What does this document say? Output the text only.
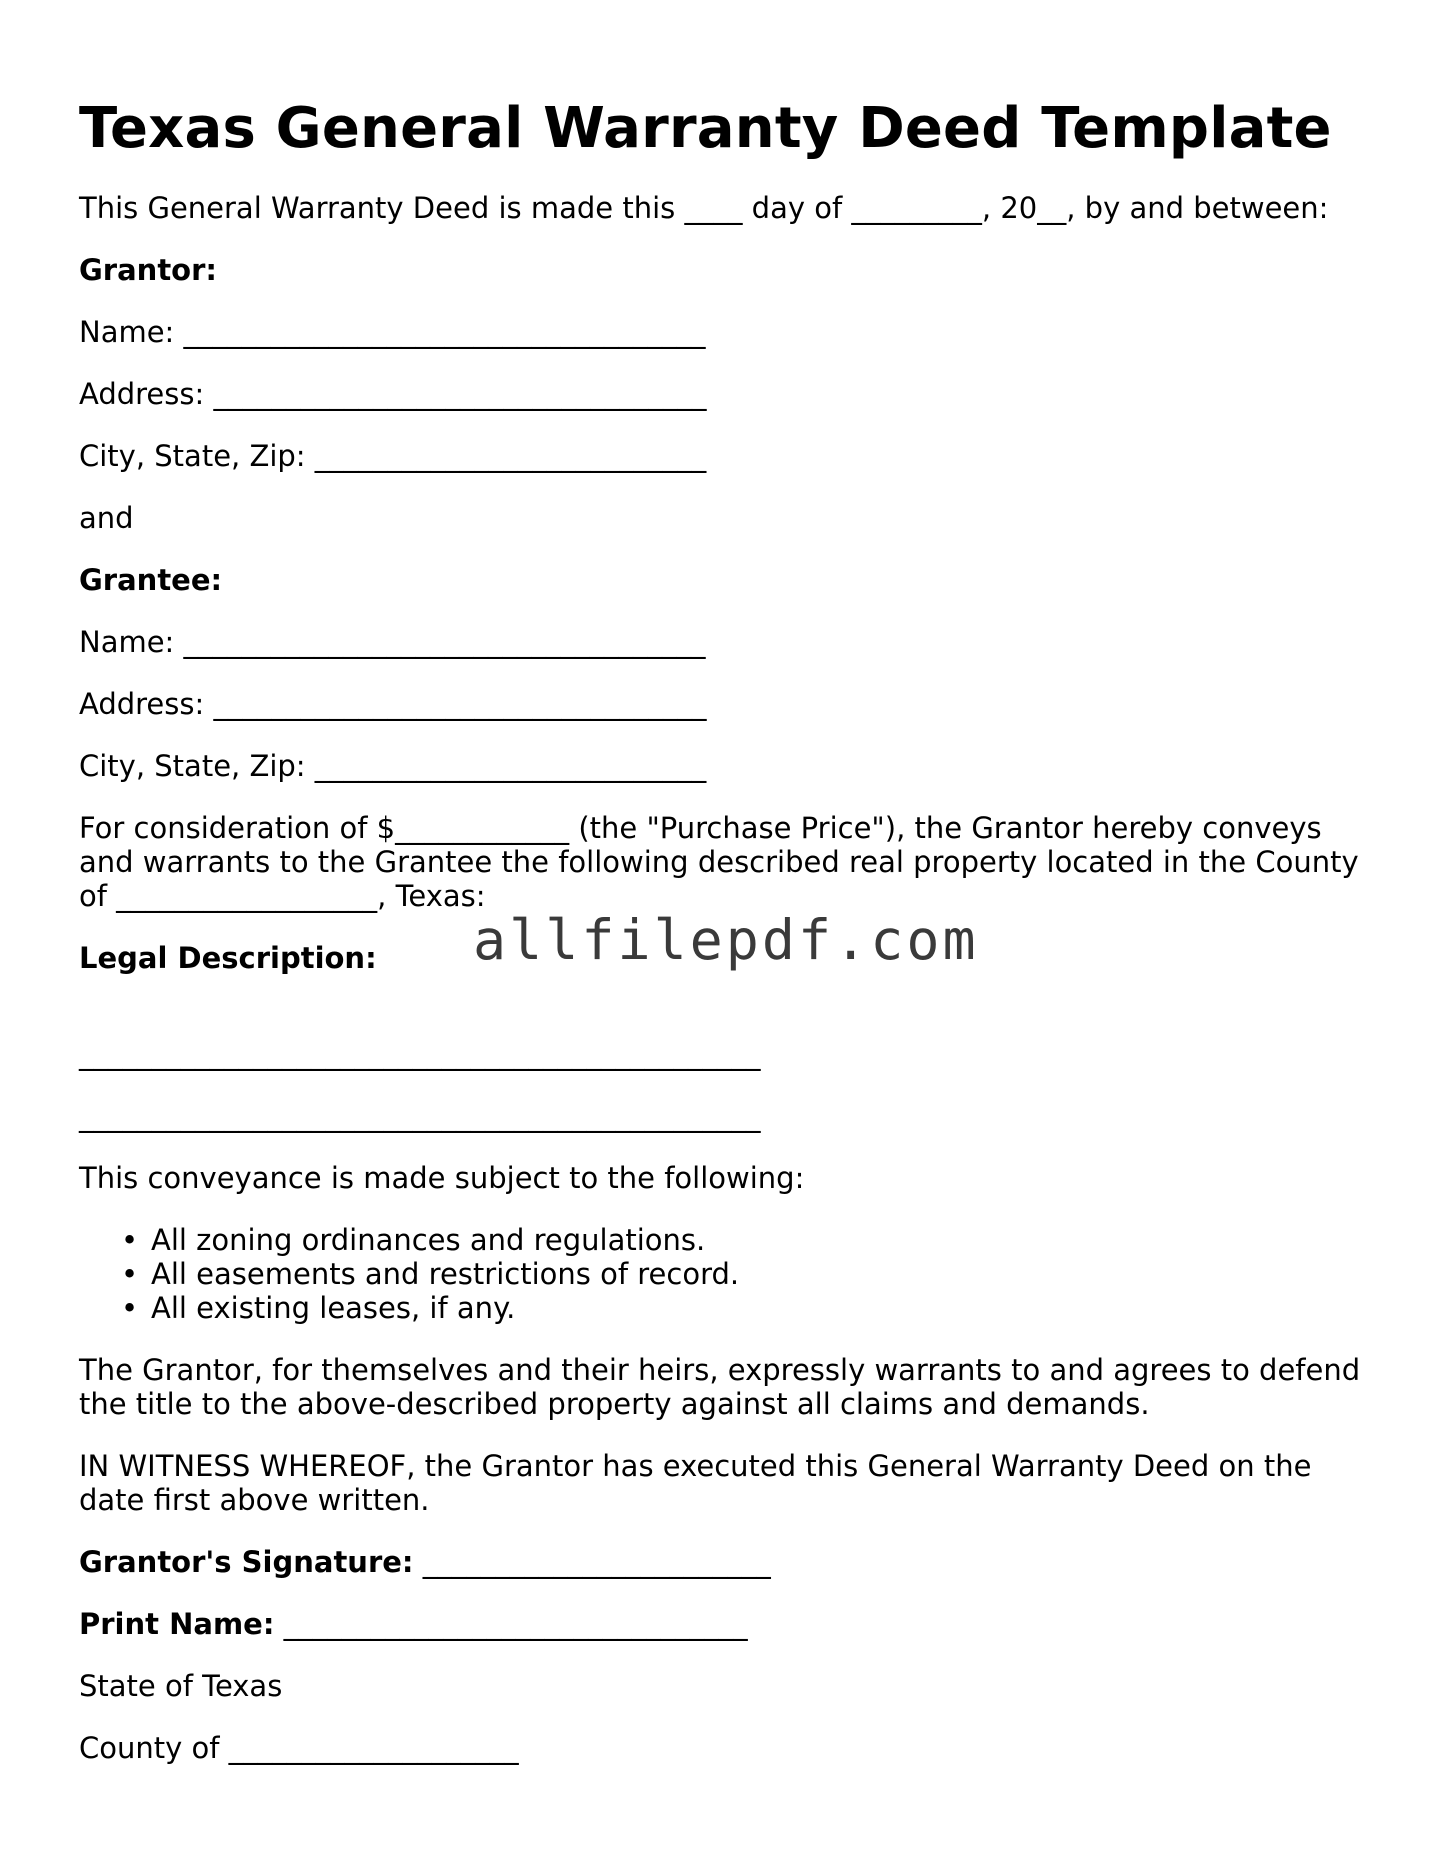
Texas General Warranty Deed Template

This General Warranty Deed is made this ____ day of _________, 20__, by and between:

Grantor:

Name: ____________________________________

Address: __________________________________

City, State, Zip: ___________________________

and

Grantee:

Name: ____________________________________

Address: __________________________________

City, State, Zip: ___________________________

For consideration of $____________ (the "Purchase Price"), the Grantor hereby conveys and warrants to the Grantee the following described real property located in the County of __________________, Texas:

Legal Description:

_______________________________________________

_______________________________________________

This conveyance is made subject to the following:

• All zoning ordinances and regulations.
• All easements and restrictions of record.
• All existing leases, if any.

The Grantor, for themselves and their heirs, expressly warrants to and agrees to defend the title to the above-described property against all claims and demands.

IN WITNESS WHEREOF, the Grantor has executed this General Warranty Deed on the date first above written.

Grantor's Signature: ________________________

Print Name: ________________________________

State of Texas

County of ____________________

allfilepdf.com
